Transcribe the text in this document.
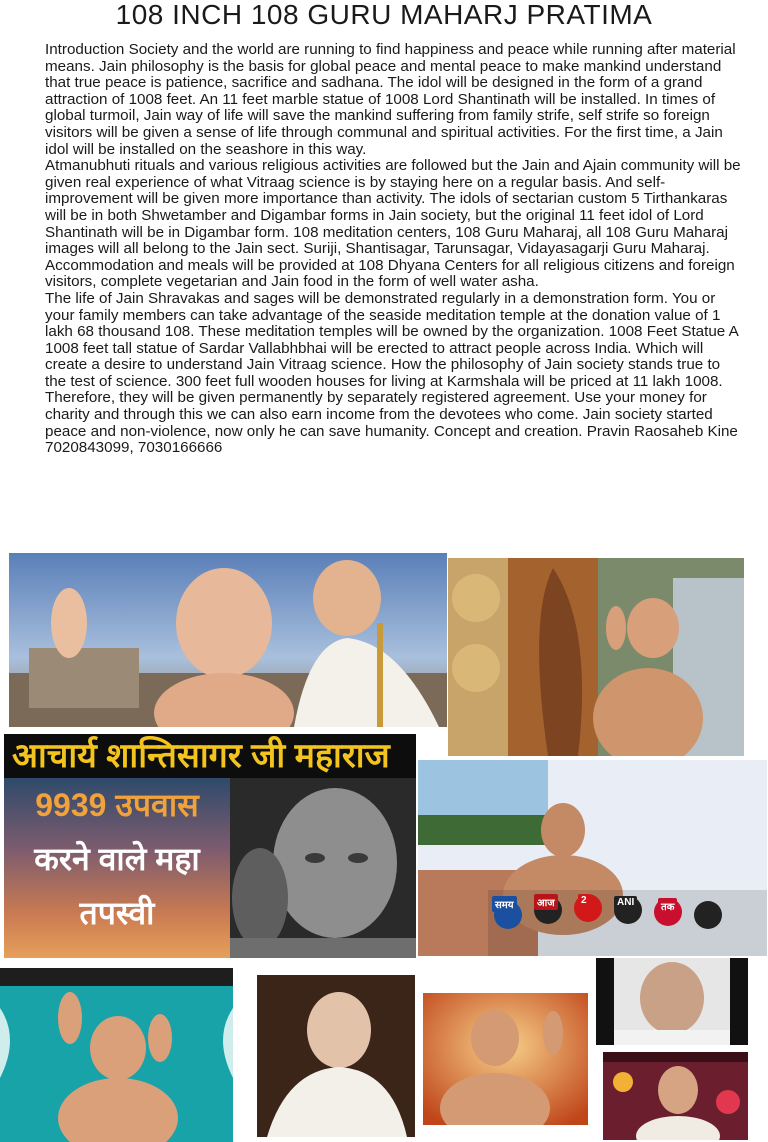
108 INCH 108 GURU MAHARJ PRATIMA

Introduction Society and the world are running to find happiness and peace while running after material means. Jain philosophy is the basis for global peace and mental peace to make mankind understand that true peace is patience, sacrifice and sadhana. The idol will be designed in the form of a grand attraction of 1008 feet. An 11 feet marble statue of 1008 Lord Shantinath will be installed. In times of global turmoil, Jain way of life will save the mankind suffering from family strife, self strife so foreign visitors will be given a sense of life through communal and spiritual activities. For the first time, a Jain idol will be installed on the seashore in this way.

Atmanubhuti rituals and various religious activities are followed but the Jain and Ajain community will be given real experience of what Vitraag science is by staying here on a regular basis. And self-improvement will be given more importance than activity. The idols of sectarian custom 5 Tirthankaras will be in both Shwetamber and Digambar forms in Jain society, but the original 11 feet idol of Lord Shantinath will be in Digambar form. 108 meditation centers, 108 Guru Maharaj, all 108 Guru Maharaj images will all belong to the Jain sect. Suriji, Shantisagar, Tarunsagar, Vidayasagarji Guru Maharaj. Accommodation and meals will be provided at 108 Dhyana Centers for all religious citizens and foreign visitors, complete vegetarian and Jain food in the form of well water asha.

The life of Jain Shravakas and sages will be demonstrated regularly in a demonstration form. You or your family members can take advantage of the seaside meditation temple at the donation value of 1 lakh 68 thousand 108. These meditation temples will be owned by the organization. 1008 Feet Statue A 1008 feet tall statue of Sardar Vallabhbhai will be erected to attract people across India. Which will create a desire to understand Jain Vitraag science. How the philosophy of Jain society stands true to the test of science. 300 feet full wooden houses for living at Karmshala will be priced at 11 lakh 1008. Therefore, they will be given permanently by separately registered agreement. Use your money for charity and through this we can also earn income from the devotees who come. Jain society started peace and non-violence, now only he can save humanity. Concept and creation. Pravin Raosaheb Kine 7020843099, 7030166666

आचार्य शान्तिसागर जी महाराज
9939 उपवास
करने वाले महा
तपस्वी	समय	आज	2	ANI	तक
